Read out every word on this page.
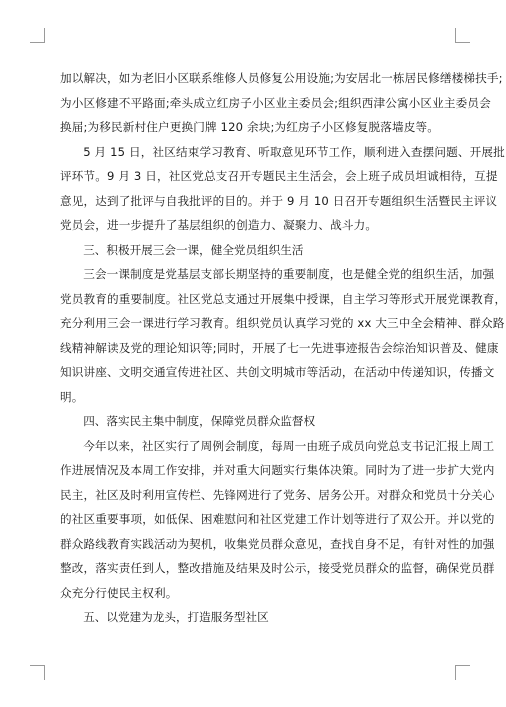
加以解决，如为老旧小区联系维修人员修复公用设施;为安居北一栋居民修缮楼梯扶手;
为小区修建不平路面;牵头成立红房子小区业主委员会;组织西津公寓小区业主委员会
换届;为移民新村住户更换门牌 120 余块;为红房子小区修复脱落墙皮等。

5 月 15 日，社区结束学习教育、听取意见环节工作，顺利进入查摆问题、开展批
评环节。9 月 3 日，社区党总支召开专题民主生活会，会上班子成员坦诚相待，互提
意见，达到了批评与自我批评的目的。并于 9 月 10 日召开专题组织生活暨民主评议
党员会，进一步提升了基层组织的创造力、凝聚力、战斗力。

三、积极开展三会一课，健全党员组织生活

三会一课制度是党基层支部长期坚持的重要制度，也是健全党的组织生活，加强
党员教育的重要制度。社区党总支通过开展集中授课，自主学习等形式开展党课教育，
充分利用三会一课进行学习教育。组织党员认真学习党的 xx 大三中全会精神、群众路
线精神解读及党的理论知识等;同时，开展了七一先进事迹报告会综治知识普及、健康
知识讲座、文明交通宣传进社区、共创文明城市等活动，在活动中传递知识，传播文
明。

四、落实民主集中制度，保障党员群众监督权

今年以来，社区实行了周例会制度，每周一由班子成员向党总支书记汇报上周工
作进展情况及本周工作安排，并对重大问题实行集体决策。同时为了进一步扩大党内
民主，社区及时利用宣传栏、先锋网进行了党务、居务公开。对群众和党员十分关心
的社区重要事项，如低保、困难慰问和社区党建工作计划等进行了双公开。并以党的
群众路线教育实践活动为契机，收集党员群众意见，查找自身不足，有针对性的加强
整改，落实责任到人，整改措施及结果及时公示，接受党员群众的监督，确保党员群
众充分行使民主权利。

五、以党建为龙头，打造服务型社区
